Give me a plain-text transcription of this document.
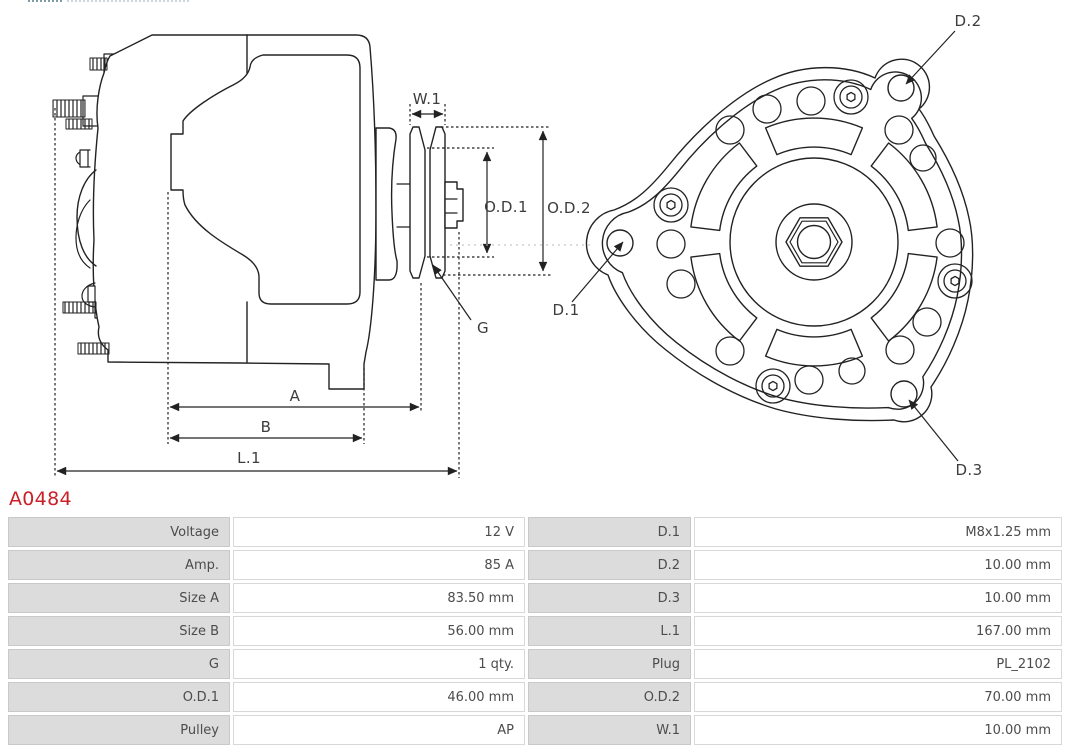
W.1
O.D.1 O.D.2
G
D.1
D.2
D.3
A
B
L.1
A0484
Voltage	12 V	D.1	M8x1.25 mm
Amp.	85 A	D.2	10.00 mm
Size A	83.50 mm	D.3	10.00 mm
Size B	56.00 mm	L.1	167.00 mm
G	1 qty.	Plug	PL_2102
O.D.1	46.00 mm	O.D.2	70.00 mm
Pulley	AP	W.1	10.00 mm
